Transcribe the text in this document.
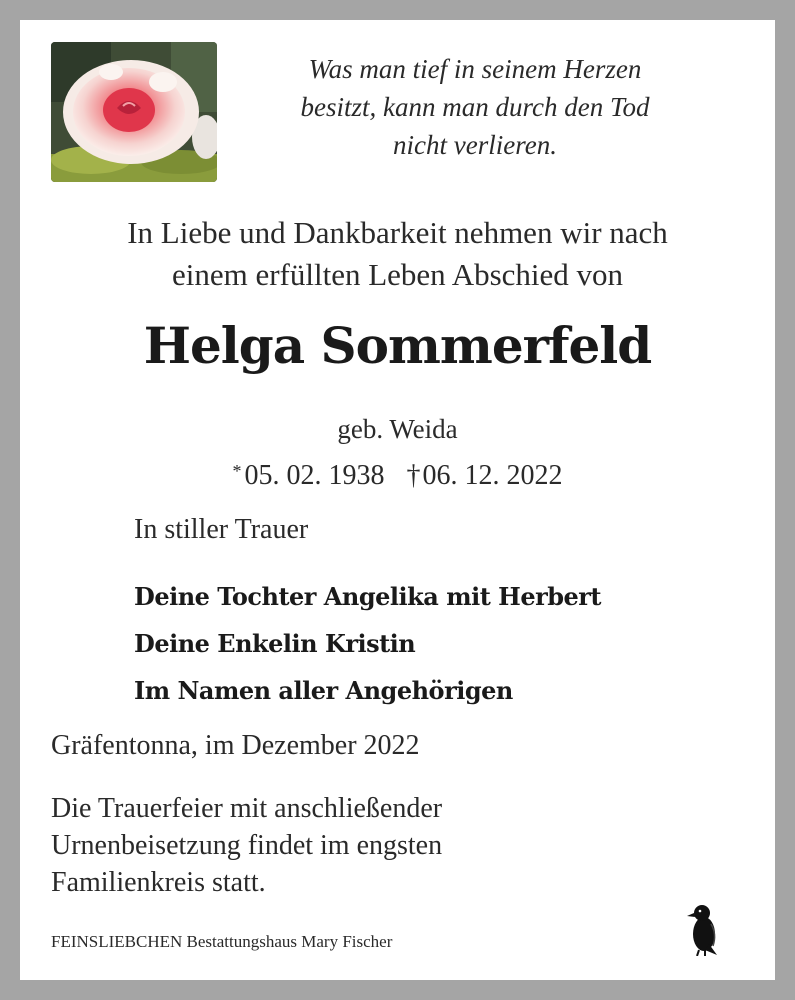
Was man tief in seinem Herzen
besitzt, kann man durch den Tod
nicht verlieren.

In Liebe und Dankbarkeit nehmen wir nach
einem erfüllten Leben Abschied von

Helga Sommerfeld

geb. Weida

* 05. 02. 1938 †06. 12. 2022

In stiller Trauer

Deine Tochter Angelika mit Herbert
Deine Enkelin Kristin
Im Namen aller Angehörigen

Gräfentonna, im Dezember 2022

Die Trauerfeier mit anschließender
Urnenbeisetzung findet im engsten
Familienkreis statt.

FEINSLIEBCHEN Bestattungshaus Mary Fischer
